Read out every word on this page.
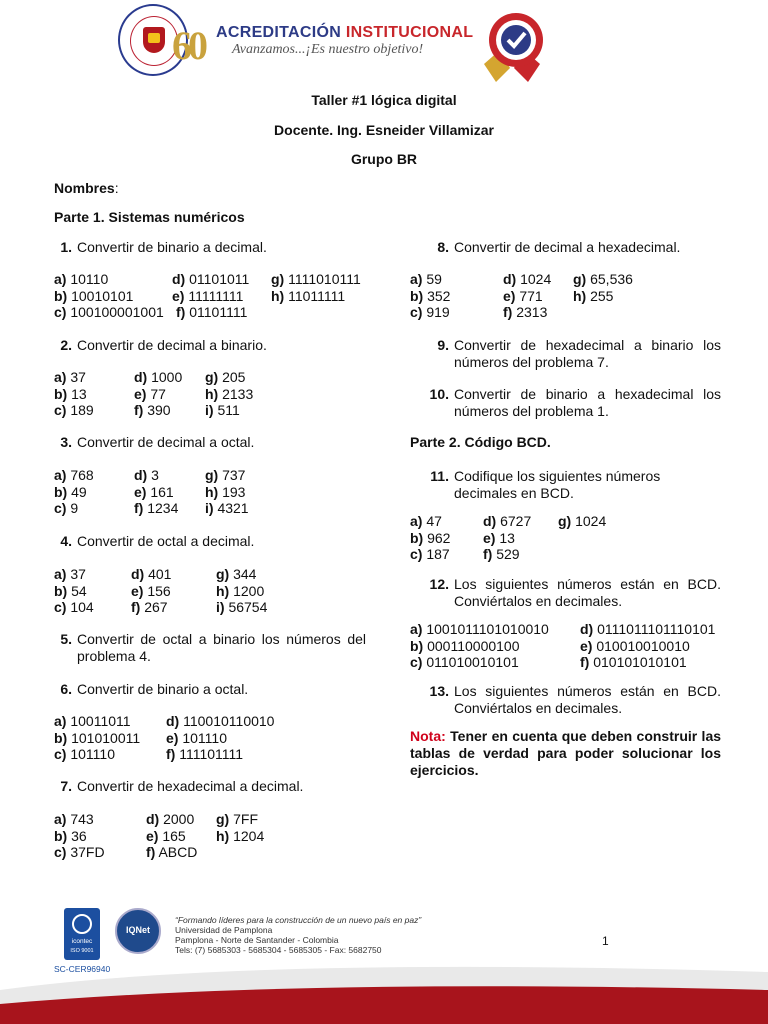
60 ACREDITACIÓN INSTITUCIONAL
Avanzamos...¡Es nuestro objetivo!
Taller #1 lógica digital
Docente. Ing. Esneider Villamizar
Grupo BR
Nombres:
Parte 1. Sistemas numéricos
1. Convertir de binario a decimal.
a) 10110	d) 01101011 g) 1111010111
b) 10010101	e) 11111111 h) 11011111
c) 100100001001 f) 01101111
2. Convertir de decimal a binario.
a) 37	d) 1000 g) 205
b) 13	e) 77	h) 2133
c) 189	f) 390 i) 511
3. Convertir de decimal a octal.
a) 768	d) 3	g) 737
b) 49	e) 161 h) 193
c) 9	f) 1234 i) 4321
4. Convertir de octal a decimal.
a) 37	d) 401	g) 344
b) 54	e) 156	h) 1200
c) 104	f) 267	i) 56754
5. Convertir de octal a binario los números del problema 4.
6. Convertir de binario a octal.
a) 10011011	d) 110010110010
b) 101010011 e) 101110
c) 101110	f) 111101111
7. Convertir de hexadecimal a decimal.
a) 743	d) 2000 g) 7FF
b) 36	e) 165 h) 1204
c) 37FD	f) ABCD
8. Convertir de decimal a hexadecimal.
a) 59	d) 1024 g) 65,536
b) 352	e) 771 h) 255
c) 919	f) 2313
9. Convertir de hexadecimal a binario los números del problema 7.
10. Convertir de binario a hexadecimal los números del problema 1.
Parte 2. Código BCD.
11. Codifique los siguientes números decimales en BCD.
a) 47	d) 6727 g) 1024
b) 962 e) 13
c) 187 f) 529
12. Los siguientes números están en BCD. Conviértalos en decimales.
a) 1001011101010010 d) 0111011101110101
b) 000110000100	e) 010010010010
c) 011010010101	f) 010101010101
13. Los siguientes números están en BCD. Conviértalos en decimales.
Nota: Tener en cuenta que deben construir las tablas de verdad para poder solucionar los ejercicios.
icontec
ISO 9001
IQNet
SC-CER96940
“Formando líderes para la construcción de un nuevo país en paz”
Universidad de Pamplona
Pamplona - Norte de Santander - Colombia
Tels: (7) 5685303 - 5685304 - 5685305 - Fax: 5682750
1
